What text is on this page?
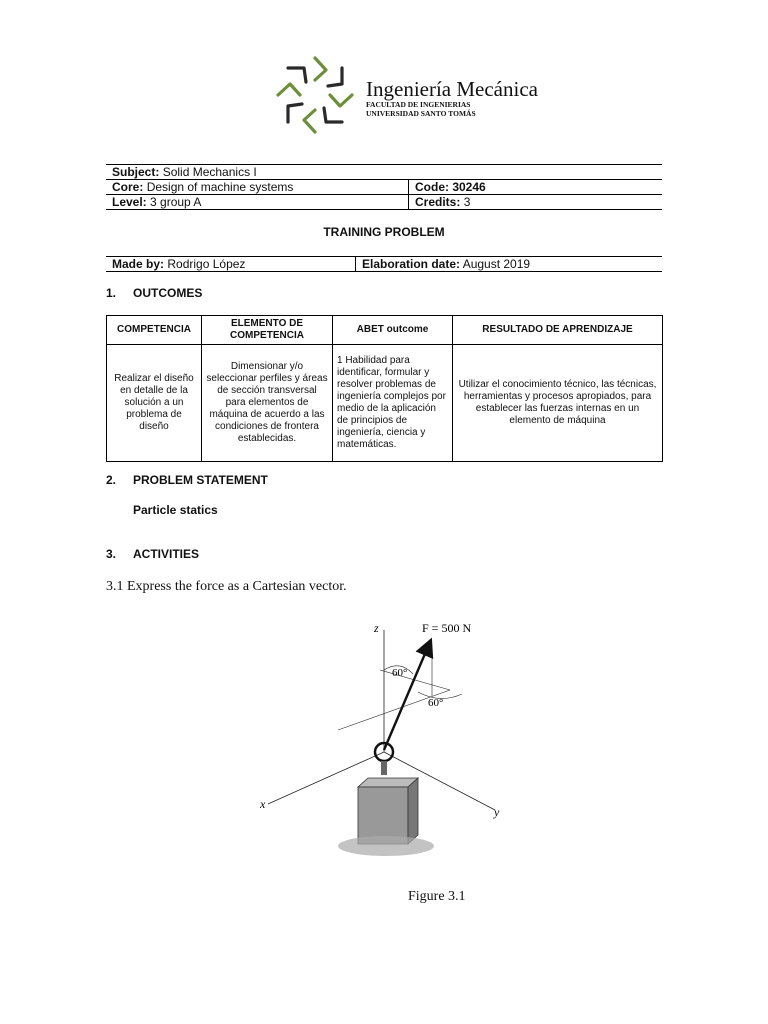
Ingeniería Mecánica
FACULTAD DE INGENIERIAS
UNIVERSIDAD SANTO TOMÁS
Subject: Solid Mechanics I	
Core: Design of machine systems	Code: 30246
Level: 3 group A	Credits: 3
TRAINING PROBLEM
Made by: Rodrigo López	Elaboration date: August 2019
1. OUTCOMES
COMPETENCIA	ELEMENTO DE COMPETENCIA	ABET outcome	RESULTADO DE APRENDIZAJE
Realizar el diseño en detalle de la solución a un problema de diseño	Dimensionar y/o seleccionar perfiles y áreas de sección transversal para elementos de máquina de acuerdo a las condiciones de frontera establecidas.	1 Habilidad para identificar, formular y resolver problemas de ingeniería complejos por medio de la aplicación de principios de ingeniería, ciencia y matemáticas.	Utilizar el conocimiento técnico, las técnicas, herramientas y procesos apropiados, para establecer las fuerzas internas en un elemento de máquina
2. PROBLEM STATEMENT
Particle statics
3. ACTIVITIES
3.1 Express the force as a Cartesian vector.
z	F = 500 N
60°
60°
x
y
Figure 3.1
